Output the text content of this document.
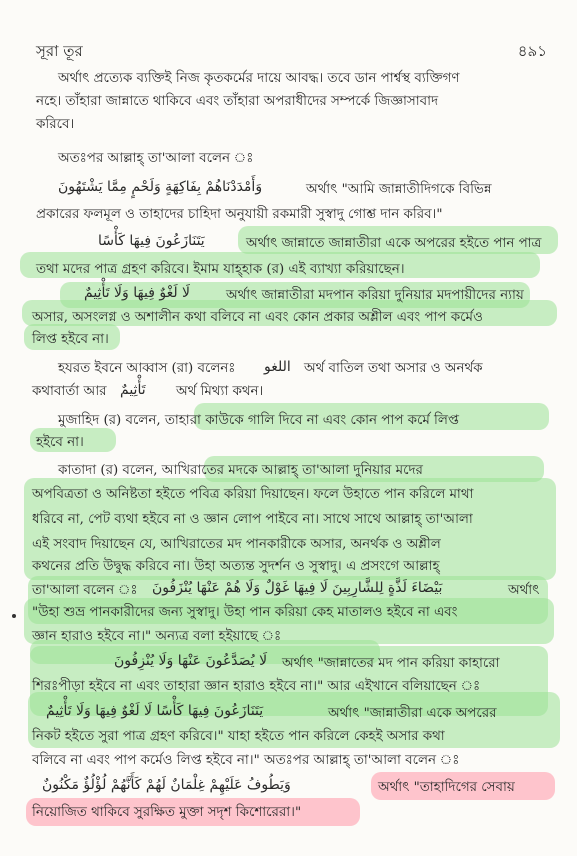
সূরা তূর	৪৯১
অর্থাৎ প্রত্যেক ব্যক্তিই নিজ কৃতকর্মের দায়ে আবদ্ধ। তবে ডান পার্শ্বস্থ ব্যক্তিগণ
নহে। তাঁহারা জান্নাতে থাকিবে এবং তাঁহারা অপরাধীদের সম্পর্কে জিজ্ঞাসাবাদ
করিবে।
অতঃপর আল্লাহ্ তা'আলা বলেন ঃ
وَأَمْدَدْنَاهُمْ بِفَاكِهَةٍ وَلَحْمٍ مِمَّا يَشْتَهُونَ	অর্থাৎ "আমি জান্নাতীদিগকে বিভিন্ন
প্রকারের ফলমূল ও তাহাদের চাহিদা অনুযায়ী রকমারী সুস্বাদু গোশ্ত দান করিব।"
يَتَنَازَعُونَ فِيهَا كَأْسًا	অর্থাৎ জান্নাতে জান্নাতীরা একে অপরের হইতে পান পাত্র
তথা মদের পাত্র গ্রহণ করিবে। ইমাম যাহ্হাক (র) এই ব্যাখ্যা করিয়াছেন।
لَا لَغْوٌ فِيهَا وَلَا تَأْثِيمٌ	অর্থাৎ জান্নাতীরা মদপান করিয়া দুনিয়ার মদপায়ীদের ন্যায়
অসার, অসংলগ্ন ও অশালীন কথা বলিবে না এবং কোন প্রকার অশ্লীল এবং পাপ কর্মেও
লিপ্ত হইবে না।
হযরত ইবনে আব্বাস (রা) বলেনঃ اللغو অর্থ বাতিল তথা অসার ও অনর্থক
কথাবার্তা আর تَأْثِيمٌ অর্থ মিথ্যা কথন।
মুজাহিদ (র) বলেন, তাহারা কাউকে গালি দিবে না এবং কোন পাপ কর্মে লিপ্ত
হইবে না।
কাতাদা (র) বলেন, আখিরাতের মদকে আল্লাহ্ তা'আলা দুনিয়ার মদের
অপবিত্রতা ও অনিষ্টতা হইতে পবিত্র করিয়া দিয়াছেন। ফলে উহাতে পান করিলে মাথা
ধরিবে না, পেট ব্যথা হইবে না ও জ্ঞান লোপ পাইবে না। সাথে সাথে আল্লাহ্ তা'আলা
এই সংবাদ দিয়াছেন যে, আখিরাতের মদ পানকারীকে অসার, অনর্থক ও অশ্লীল
কথনের প্রতি উদ্বুদ্ধ করিবে না। উহা অত্যন্ত সুদর্শন ও সুস্বাদু। এ প্রসংগে আল্লাহ্
তা'আলা বলেন ঃ بَيْضَاءَ لَذَّةٍ لِلشَّارِبِينَ لَا فِيهَا غَوْلٌ وَلَا هُمْ عَنْهَا يُنْزَفُونَ	অর্থাৎ
"উহা শুভ্র পানকারীদের জন্য সুস্বাদু। উহা পান করিয়া কেহ মাতালও হইবে না এবং
জ্ঞান হারাও হইবে না।" অন্যত্র বলা হইয়াছে ঃ
لَا يُصَدَّعُونَ عَنْهَا وَلَا يُنْزِفُونَ অর্থাৎ "জান্নাতের মদ পান করিয়া কাহারো
শিরঃপীড়া হইবে না এবং তাহারা জ্ঞান হারাও হইবে না।" আর এইখানে বলিয়াছেন ঃ
يَتَنَازَعُونَ فِيهَا كَأْسًا لَا لَغْوٌ فِيهَا وَلَا تَأْثِيمٌ	অর্থাৎ "জান্নাতীরা একে অপরের
নিকট হইতে সুরা পাত্র গ্রহণ করিবে।" যাহা হইতে পান করিলে কেহই অসার কথা
বলিবে না এবং পাপ কর্মেও লিপ্ত হইবে না।" অতঃপর আল্লাহ্ তা'আলা বলেন ঃ
وَيَطُوفُ عَلَيْهِمْ غِلْمَانٌ لَهُمْ كَأَنَّهُمْ لُؤْلُؤٌ مَكْنُونٌ	অর্থাৎ "তাহাদিগের সেবায়
নিয়োজিত থাকিবে সুরক্ষিত মুক্তা সদৃশ কিশোরেরা।"
